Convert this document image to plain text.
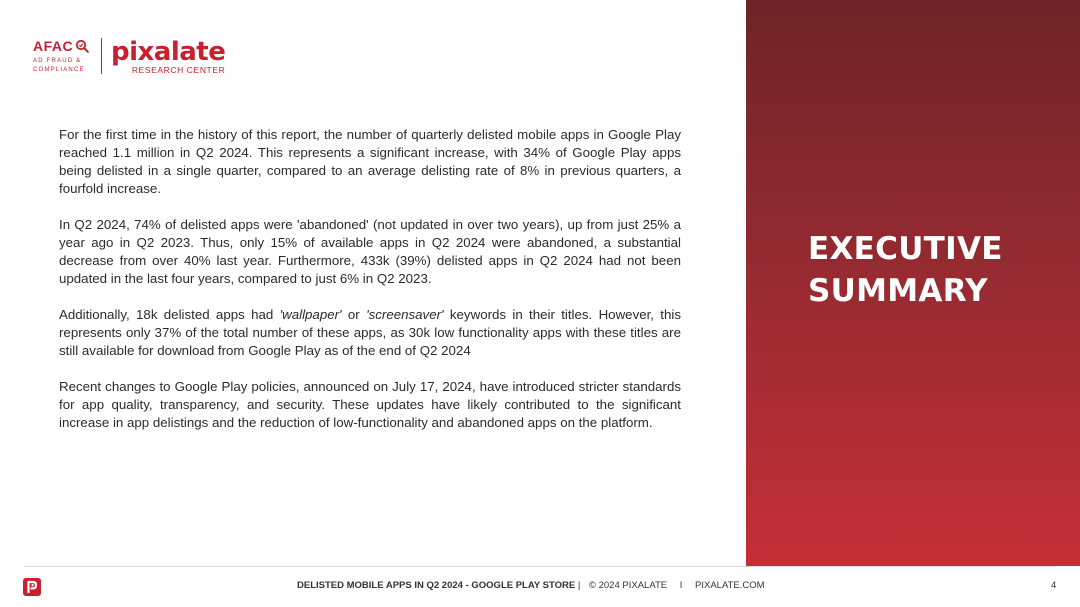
AFAC
AD FRAUD &
COMPLIANCE
pixalate
RESEARCH CENTER

For the first time in the history of this report, the number of quarterly delisted mobile apps in Google Play reached 1.1 million in Q2 2024. This represents a significant increase, with 34% of Google Play apps being delisted in a single quarter, compared to an average delisting rate of 8% in previous quarters, a fourfold increase.

In Q2 2024, 74% of delisted apps were 'abandoned' (not updated in over two years), up from just 25% a year ago in Q2 2023. Thus, only 15% of available apps in Q2 2024 were abandoned, a substantial decrease from over 40% last year. Furthermore, 433k (39%) delisted apps in Q2 2024 had not been updated in the last four years, compared to just 6% in Q2 2023.

Additionally, 18k delisted apps had 'wallpaper' or 'screensaver' keywords in their titles. However, this represents only 37% of the total number of these apps, as 30k low functionality apps with these titles are still available for download from Google Play as of the end of Q2 2024

Recent changes to Google Play policies, announced on July 17, 2024, have introduced stricter standards for app quality, transparency, and security. These updates have likely contributed to the significant increase in app delistings and the reduction of low-functionality and abandoned apps on the platform.

EXECUTIVE
SUMMARY
DELISTED MOBILE APPS IN Q2 2024 - GOOGLE PLAY STORE | © 2024 PIXALATE I PIXALATE.COM	4
